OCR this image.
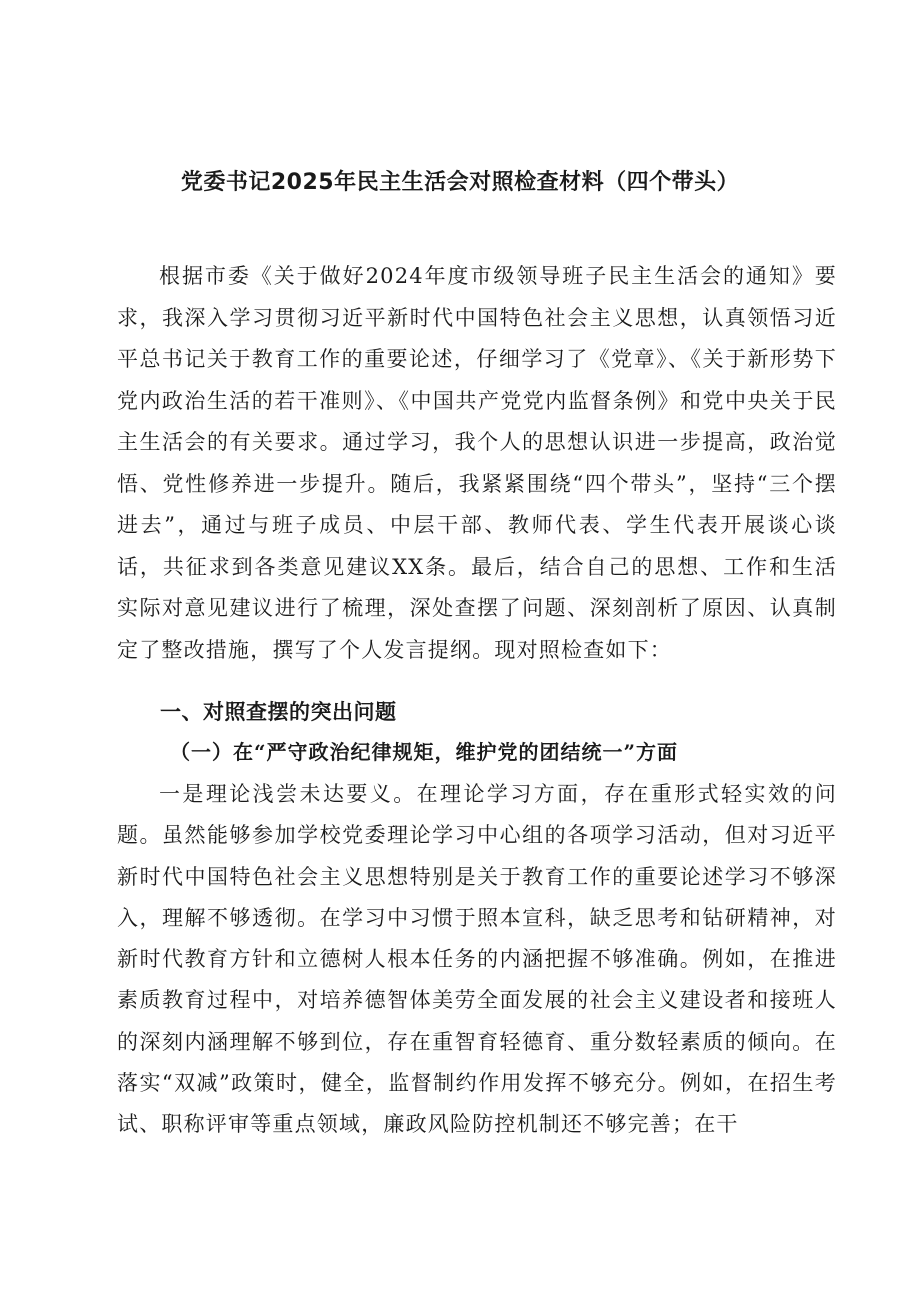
党委书记2025年民主生活会对照检查材料（四个带头）

根据市委《关于做好2024年度市级领导班子民主生活会的通知》要求，我深入学习贯彻习近平新时代中国特色社会主义思想，认真领悟习近平总书记关于教育工作的重要论述，仔细学习了《党章》、《关于新形势下党内政治生活的若干准则》、《中国共产党党内监督条例》和党中央关于民主生活会的有关要求。通过学习，我个人的思想认识进一步提高，政治觉悟、党性修养进一步提升。随后，我紧紧围绕“四个带头”，坚持“三个摆进去”，通过与班子成员、中层干部、教师代表、学生代表开展谈心谈话，共征求到各类意见建议XX条。最后，结合自己的思想、工作和生活实际对意见建议进行了梳理，深处查摆了问题、深刻剖析了原因、认真制定了整改措施，撰写了个人发言提纲。现对照检查如下：

一、对照查摆的突出问题
（一）在“严守政治纪律规矩，维护党的团结统一”方面

一是理论浅尝未达要义。在理论学习方面，存在重形式轻实效的问题。虽然能够参加学校党委理论学习中心组的各项学习活动，但对习近平新时代中国特色社会主义思想特别是关于教育工作的重要论述学习不够深入，理解不够透彻。在学习中习惯于照本宣科，缺乏思考和钻研精神，对新时代教育方针和立德树人根本任务的内涵把握不够准确。例如，在推进素质教育过程中，对培养德智体美劳全面发展的社会主义建设者和接班人的深刻内涵理解不够到位，存在重智育轻德育、重分数轻素质的倾向。在落实“双减”政策时，健全，监督制约作用发挥不够充分。例如，在招生考试、职称评审等重点领域，廉政风险防控机制还不够完善；在干
